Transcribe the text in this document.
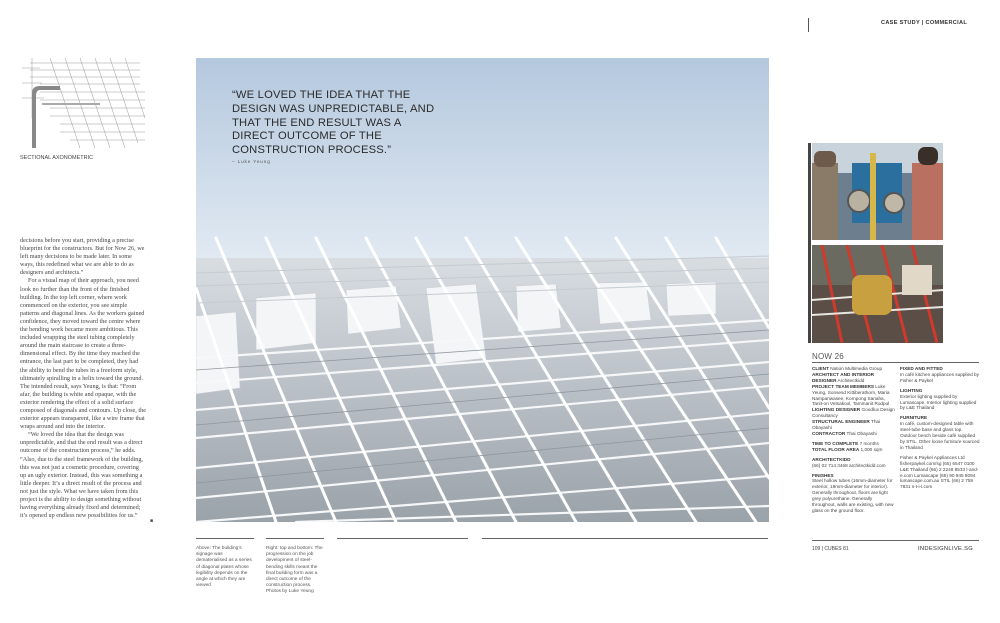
CASE STUDY | COMMERCIAL
SECTIONAL AXONOMETRIC

decisions before you start, providing a precise blueprint for the constructors. But for Now 26, we left many decisions to be made later. In some ways, this redefined what we are able to do as designers and architects.”

For a visual map of their approach, you need look no further than the front of the finished building. In the top left corner, where work commenced on the exterior, you see simple patterns and diagonal lines. As the workers gained confidence, they moved toward the centre where the bending work became more ambitious. This included wrapping the steel tubing completely around the main staircase to create a three-dimensional effect. By the time they reached the entrance, the last part to be completed, they had the ability to bend the tubes in a freeform style, ultimately spiralling in a helix toward the ground. The intended result, says Yeung, is that: “From afar, the building is white and opaque, with the exterior rendering the effect of a solid surface composed of diagonals and contours. Up close, the exterior appears transparent, like a wire frame that wraps around and into the interior.

“We loved the idea that the design was unpredictable, and that the end result was a direct outcome of the construction process,” he adds. “Also, due to the steel framework of the building, this was not just a cosmetic procedure, covering up an ugly exterior. Instead, this was something a little deeper. It’s a direct result of the process and not just the style. What we have taken from this project is the ability to design something without having everything already fixed and determined; it’s opened up endless new possibilities for us.”

■
“WE LOVED THE IDEA THAT THE DESIGN WAS UNPREDICTABLE, AND THAT THE END RESULT WAS A DIRECT OUTCOME OF THE CONSTRUCTION PROCESS.”
– Luke Yeung
Above: The building’s signage was dematerialised as a series of diagonal plates whose legibility depends on the angle at which they are viewed
Right: top and bottom: The progression on the job development of steel-bending skills meant the final building form was a direct outcome of the construction process. Photos by Luke Yeung
NOW 26
CLIENT Nation Multimedia Group
ARCHITECT AND INTERIOR DESIGNER Architectkidd
PROJECT TEAM MEMBERS Luke Yeung, Sonsesd Kittiberathorn, Maria Nampanwasee, Kornpong Sanaha, Tanit-on Vetsakool, Tammanit Rodpol
LIGHTING DESIGNER Goodlux Design Consultancy
STRUCTURAL ENGINEER Thai Obayashi
CONTRACTOR Thai Obayashi
TIME TO COMPLETE 7 months
TOTAL FLOOR AREA 1,000 sqm
ARCHITECTKIDD
(66) 02 714 3468 architectkidd.com
FINISHES
Steel hollow tubes (16mm-diameter for exterior, 19mm-diameter for interior). Generally throughout, floors are light grey polyurethane. Generally throughout, walls are existing, with new glass on the ground floor.
FIXED AND FITTED
In café kitchen appliances supplied by Fisher & Paykel
LIGHTING
Exterior lighting supplied by Lumascape. Interior lighting supplied by L&E Thailand
FURNITURE
In café, custom-designed table with steel-tube base and glass top. Outdoor bench beside café supplied by STIL. Other loose furniture sourced in Thailand
Fisher & Paykel Appliances Ltd fisherpaykel.com/sg (65) 6547 0100 L&E Thailand (66) 2 2248 8533 l-and-e.com Lumascape (65) 90 945 8094 lumascape.com.au STIL (66) 2 759 7831 s-t-i-l.com
109 | CUBES 81	INDESIGNLIVE.SG
